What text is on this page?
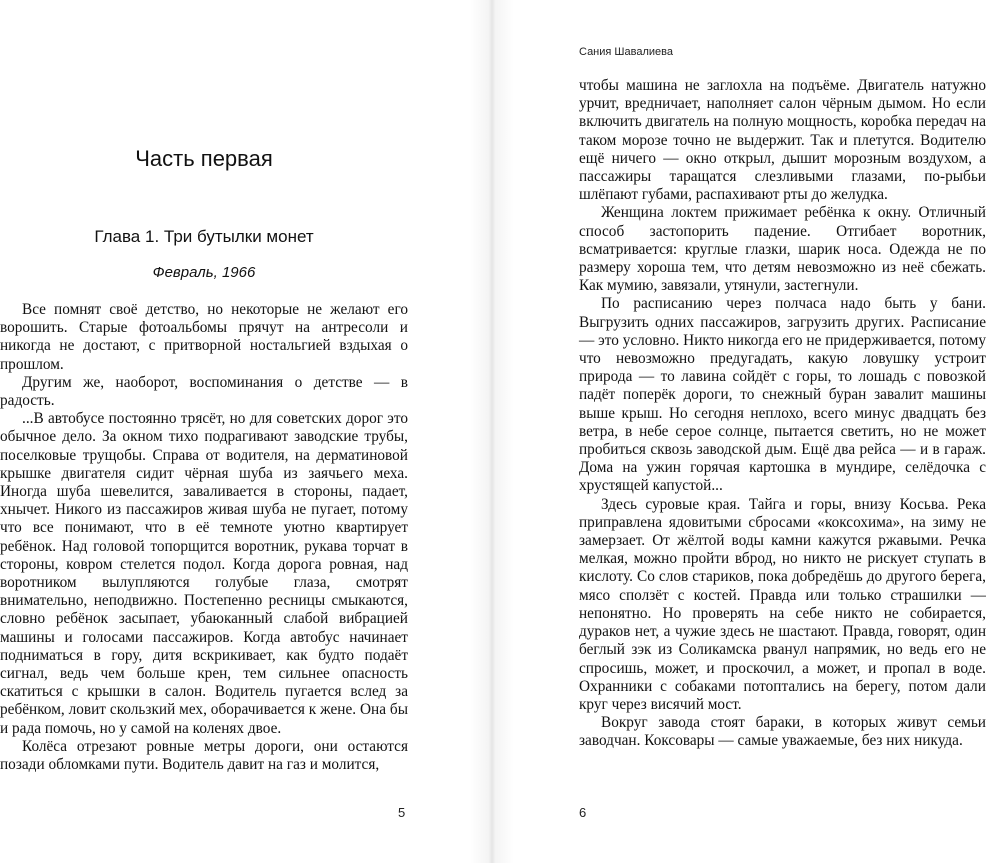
Часть первая
Глава 1. Три бутылки монет

Февраль, 1966

Все помнят своё детство, но некоторые не желают его ворошить. Старые фотоальбомы прячут на антресоли и никогда не достают, с притворной ностальгией вздыхая о прошлом.

Другим же, наоборот, воспоминания о детстве — в радость.

...В автобусе постоянно трясёт, но для советских дорог это обычное дело. За окном тихо подрагивают заводские трубы, поселковые трущобы. Справа от водителя, на дерматиновой крышке двигателя сидит чёрная шуба из заячьего меха. Иногда шуба шевелится, заваливается в стороны, падает, хнычет. Никого из пассажиров живая шуба не пугает, потому что все понимают, что в её темноте уютно квартирует ребёнок. Над головой топорщится воротник, рукава торчат в стороны, ковром стелется подол. Когда дорога ровная, над воротником вылупляются голубые глаза, смотрят внимательно, неподвижно. Постепенно ресницы смыкаются, словно ребёнок засыпает, убаюканный слабой вибрацией машины и голосами пассажиров. Когда автобус начинает подниматься в гору, дитя вскрикивает, как будто подаёт сигнал, ведь чем больше крен, тем сильнее опасность скатиться с крышки в салон. Водитель пугается вслед за ребёнком, ловит скользкий мех, оборачивается к жене. Она бы и рада помочь, но у самой на коленях двое.

Колёса отрезают ровные метры дороги, они остаются позади обломками пути. Водитель давит на газ и молится,

5

Сания Шавалиева

чтобы машина не заглохла на подъёме. Двигатель натужно урчит, вредничает, наполняет салон чёрным дымом. Но если включить двигатель на полную мощность, коробка передач на таком морозе точно не выдержит. Так и плетутся. Водителю ещё ничего — окно открыл, дышит морозным воздухом, а пассажиры таращатся слезливыми глазами, по-рыбьи шлёпают губами, распахивают рты до желудка.

Женщина локтем прижимает ребёнка к окну. Отличный способ застопорить падение. Отгибает воротник, всматривается: круглые глазки, шарик носа. Одежда не по размеру хороша тем, что детям невозможно из неё сбежать. Как мумию, завязали, утянули, застегнули.

По расписанию через полчаса надо быть у бани. Выгрузить одних пассажиров, загрузить других. Расписание — это условно. Никто никогда его не придерживается, потому что невозможно предугадать, какую ловушку устроит природа — то лавина сойдёт с горы, то лошадь с повозкой падёт поперёк дороги, то снежный буран завалит машины выше крыш. Но сегодня неплохо, всего минус двадцать без ветра, в небе серое солнце, пытается светить, но не может пробиться сквозь заводской дым. Ещё два рейса — и в гараж. Дома на ужин горячая картошка в мундире, селёдочка с хрустящей капустой...

Здесь суровые края. Тайга и горы, внизу Косьва. Река приправлена ядовитыми сбросами «коксохима», на зиму не замерзает. От жёлтой воды камни кажутся ржавыми. Речка мелкая, можно пройти вброд, но никто не рискует ступать в кислоту. Со слов стариков, пока добредёшь до другого берега, мясо сползёт с костей. Правда или только страшилки — непонятно. Но проверять на себе никто не собирается, дураков нет, а чужие здесь не шастают. Правда, говорят, один беглый зэк из Соликамска рванул напрямик, но ведь его не спросишь, может, и проскочил, а может, и пропал в воде. Охранники с собаками потоптались на берегу, потом дали круг через висячий мост.

Вокруг завода стоят бараки, в которых живут семьи заводчан. Коксовары — самые уважаемые, без них никуда.

6
